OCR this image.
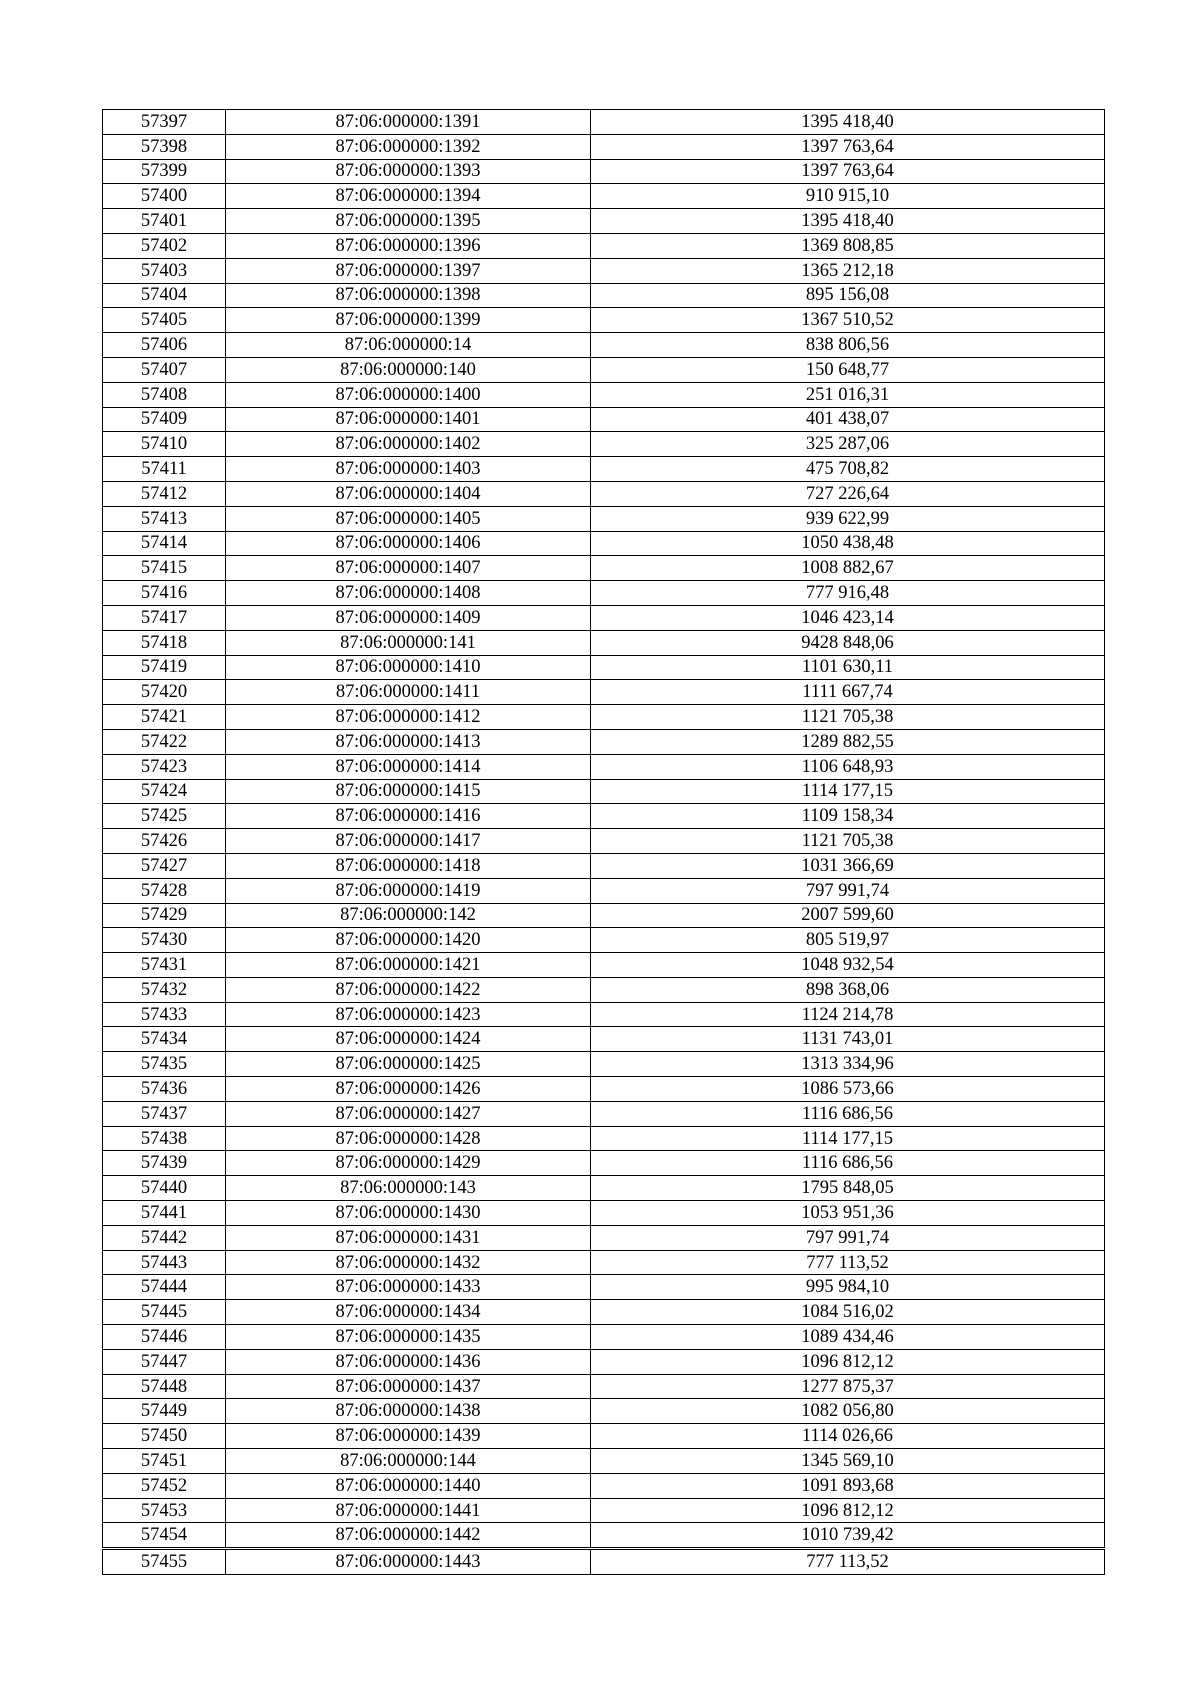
57397	87:06:000000:1391	1395 418,40
57398	87:06:000000:1392	1397 763,64
57399	87:06:000000:1393	1397 763,64
57400	87:06:000000:1394	910 915,10
57401	87:06:000000:1395	1395 418,40
57402	87:06:000000:1396	1369 808,85
57403	87:06:000000:1397	1365 212,18
57404	87:06:000000:1398	895 156,08
57405	87:06:000000:1399	1367 510,52
57406	87:06:000000:14	838 806,56
57407	87:06:000000:140	150 648,77
57408	87:06:000000:1400	251 016,31
57409	87:06:000000:1401	401 438,07
57410	87:06:000000:1402	325 287,06
57411	87:06:000000:1403	475 708,82
57412	87:06:000000:1404	727 226,64
57413	87:06:000000:1405	939 622,99
57414	87:06:000000:1406	1050 438,48
57415	87:06:000000:1407	1008 882,67
57416	87:06:000000:1408	777 916,48
57417	87:06:000000:1409	1046 423,14
57418	87:06:000000:141	9428 848,06
57419	87:06:000000:1410	1101 630,11
57420	87:06:000000:1411	1111 667,74
57421	87:06:000000:1412	1121 705,38
57422	87:06:000000:1413	1289 882,55
57423	87:06:000000:1414	1106 648,93
57424	87:06:000000:1415	1114 177,15
57425	87:06:000000:1416	1109 158,34
57426	87:06:000000:1417	1121 705,38
57427	87:06:000000:1418	1031 366,69
57428	87:06:000000:1419	797 991,74
57429	87:06:000000:142	2007 599,60
57430	87:06:000000:1420	805 519,97
57431	87:06:000000:1421	1048 932,54
57432	87:06:000000:1422	898 368,06
57433	87:06:000000:1423	1124 214,78
57434	87:06:000000:1424	1131 743,01
57435	87:06:000000:1425	1313 334,96
57436	87:06:000000:1426	1086 573,66
57437	87:06:000000:1427	1116 686,56
57438	87:06:000000:1428	1114 177,15
57439	87:06:000000:1429	1116 686,56
57440	87:06:000000:143	1795 848,05
57441	87:06:000000:1430	1053 951,36
57442	87:06:000000:1431	797 991,74
57443	87:06:000000:1432	777 113,52
57444	87:06:000000:1433	995 984,10
57445	87:06:000000:1434	1084 516,02
57446	87:06:000000:1435	1089 434,46
57447	87:06:000000:1436	1096 812,12
57448	87:06:000000:1437	1277 875,37
57449	87:06:000000:1438	1082 056,80
57450	87:06:000000:1439	1114 026,66
57451	87:06:000000:144	1345 569,10
57452	87:06:000000:1440	1091 893,68
57453	87:06:000000:1441	1096 812,12
57454	87:06:000000:1442	1010 739,42
57455	87:06:000000:1443	777 113,52
